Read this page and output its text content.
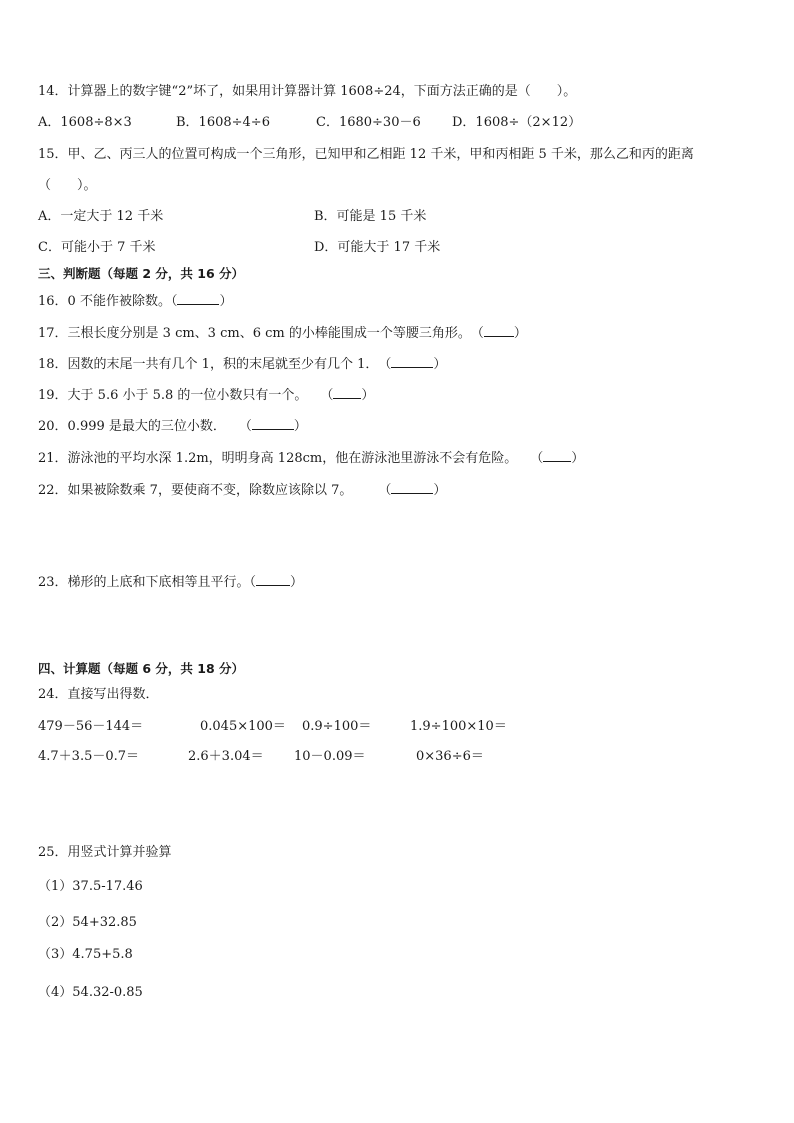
14．计算器上的数字键“2”坏了，如果用计算器计算 1608÷24，下面方法正确的是（　　）。
A．1608÷8×3	B．1608÷4÷6	C．1680÷30－6 D．1608÷（2×12）
15．甲、乙、丙三人的位置可构成一个三角形，已知甲和乙相距 12 千米，甲和丙相距 5 千米，那么乙和丙的距离
（　　）。
A．一定大于 12 千米	B．可能是 15 千米
C．可能小于 7 千米	D．可能大于 17 千米
三、判断题（每题 2 分，共 16 分）
16．0 不能作被除数。（	）
17．三根长度分别是 3 cm、3 cm、6 cm 的小棒能围成一个等腰三角形。　（ ）
18．因数的末尾一共有几个 1，积的末尾就至少有几个 1．　（	）
19．大于 5.6 小于 5.8 的一位小数只有一个。　　（ ）
20．0.999 是最大的三位小数．　　（	）
21．游泳池的平均水深 1.2m，明明身高 128cm，他在游泳池里游泳不会有危险。　　（ ）
22．如果被除数乘 7，要使商不变，除数应该除以 7。　　　（	）
23．梯形的上底和下底相等且平行。（	）
四、计算题（每题 6 分，共 18 分）
24．直接写出得数．
479－56－144＝	0.045×100＝ 0.9÷100＝	1.9÷100×10＝
4.7＋3.5－0.7＝	2.6＋3.04＝ 10－0.09＝	0×36÷6＝
25．用竖式计算并验算
（1）37.5-17.46
（2）54+32.85
（3）4.75+5.8
（4）54.32-0.85
